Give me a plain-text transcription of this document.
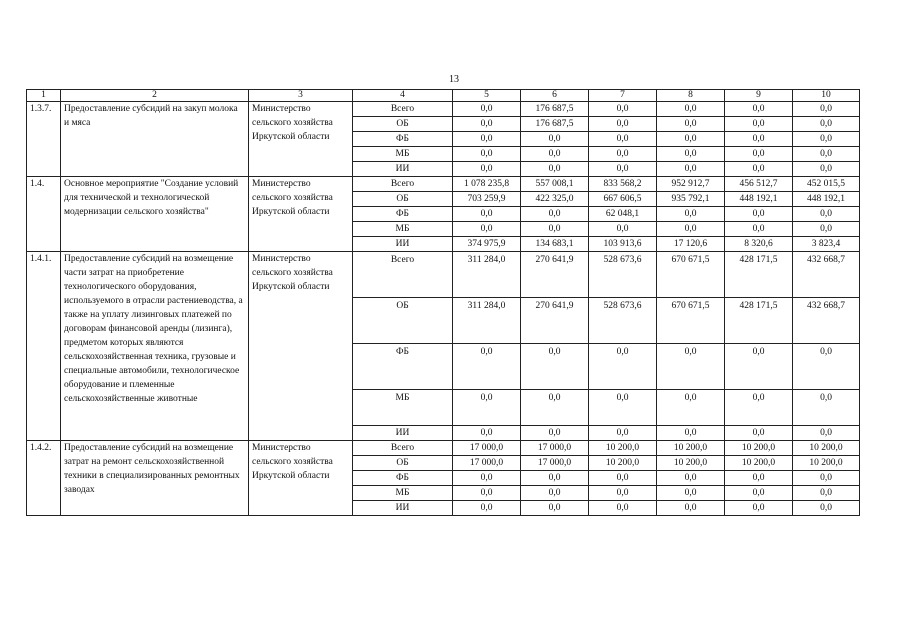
13
1	2	3	4	5	6	7	8	9	10
1.3.7.	Предоставление субсидий на закуп молока и мяса	Министерство сельского хозяйства Иркутской области	Всего	0,0	176 687,5	0,0	0,0	0,0	0,0
			ОБ	0,0	176 687,5	0,0	0,0	0,0	0,0
			ФБ	0,0	0,0	0,0	0,0	0,0	0,0
			МБ	0,0	0,0	0,0	0,0	0,0	0,0
			ИИ	0,0	0,0	0,0	0,0	0,0	0,0
1.4.	Основное мероприятие "Создание условий для технической и технологической модернизации сельского хозяйства"	Министерство сельского хозяйства Иркутской области	Всего	1 078 235,8	557 008,1	833 568,2	952 912,7	456 512,7	452 015,5
			ОБ	703 259,9	422 325,0	667 606,5	935 792,1	448 192,1	448 192,1
			ФБ	0,0	0,0	62 048,1	0,0	0,0	0,0
			МБ	0,0	0,0	0,0	0,0	0,0	0,0
			ИИ	374 975,9	134 683,1	103 913,6	17 120,6	8 320,6	3 823,4
1.4.1.	Предоставление субсидий на возмещение части затрат на приобретение технологического оборудования, используемого в отрасли растениеводства, а также на уплату лизинговых платежей по договорам финансовой аренды (лизинга), предметом которых являются сельскохозяйственная техника, грузовые и специальные автомобили, технологическое оборудование и племенные сельскохозяйственные животные	Министерство сельского хозяйства Иркутской области	Всего	311 284,0	270 641,9	528 673,6	670 671,5	428 171,5	432 668,7
			ОБ	311 284,0	270 641,9	528 673,6	670 671,5	428 171,5	432 668,7
			ФБ	0,0	0,0	0,0	0,0	0,0	0,0
			МБ	0,0	0,0	0,0	0,0	0,0	0,0
			ИИ	0,0	0,0	0,0	0,0	0,0	0,0
1.4.2.	Предоставление субсидий на возмещение затрат на ремонт сельскохозяйственной техники в специализированных ремонтных заводах	Министерство сельского хозяйства Иркутской области	Всего	17 000,0	17 000,0	10 200,0	10 200,0	10 200,0	10 200,0
			ОБ	17 000,0	17 000,0	10 200,0	10 200,0	10 200,0	10 200,0
			ФБ	0,0	0,0	0,0	0,0	0,0	0,0
			МБ	0,0	0,0	0,0	0,0	0,0	0,0
			ИИ	0,0	0,0	0,0	0,0	0,0	0,0
